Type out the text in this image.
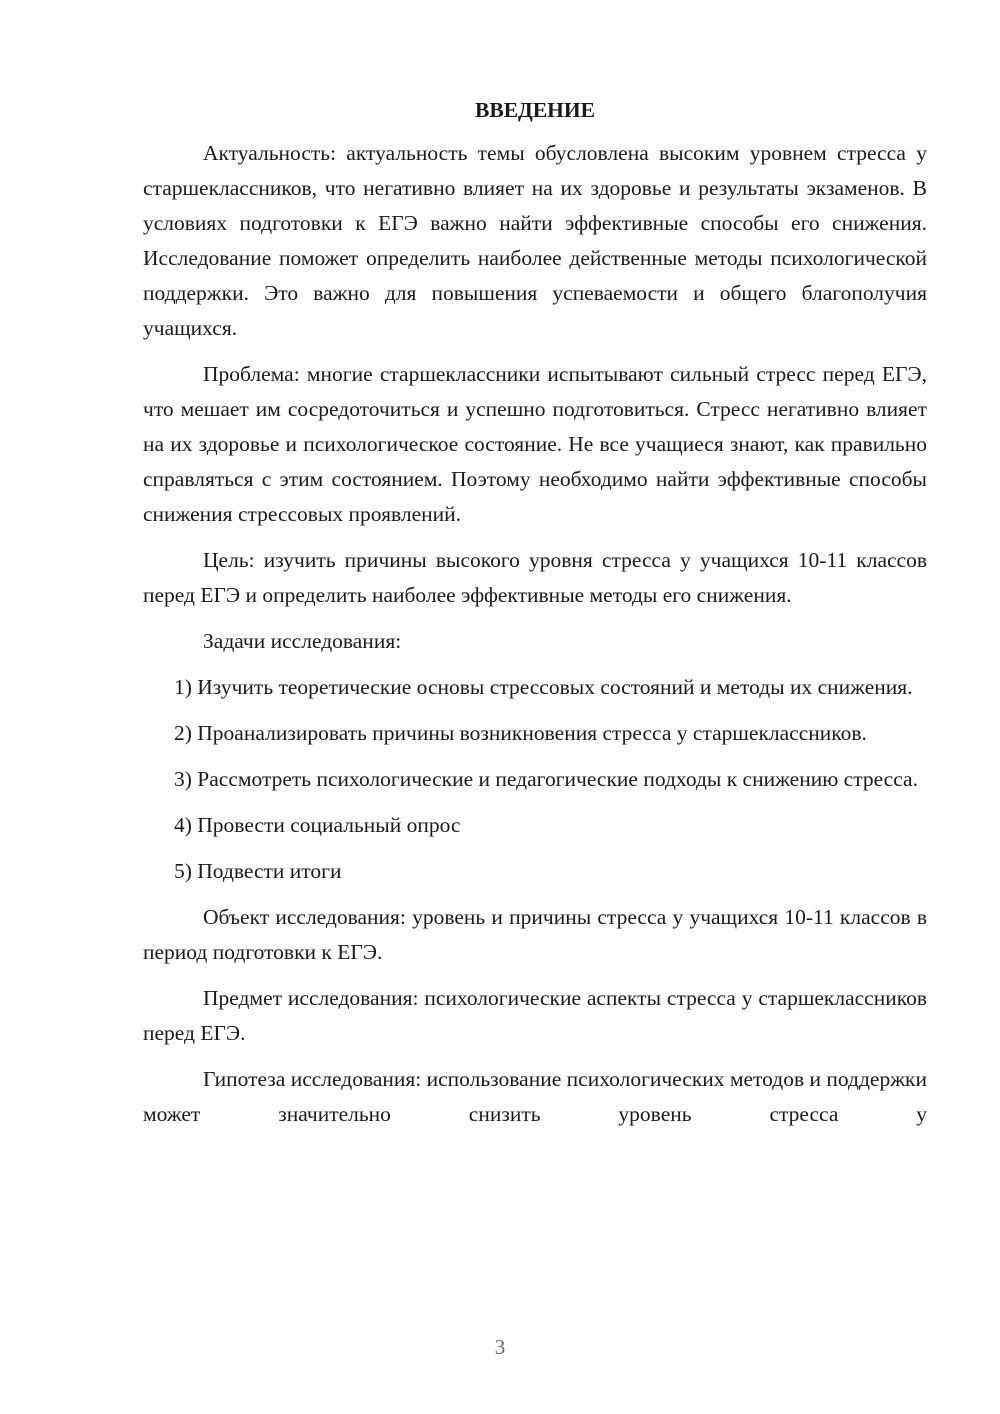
ВВЕДЕНИЕ

Актуальность: актуальность темы обусловлена высоким уровнем стресса у старшеклассников, что негативно влияет на их здоровье и результаты экзаменов. В условиях подготовки к ЕГЭ важно найти эффективные способы его снижения. Исследование поможет определить наиболее действенные методы психологической поддержки. Это важно для повышения успеваемости и общего благополучия учащихся.

Проблема: многие старшеклассники испытывают сильный стресс перед ЕГЭ, что мешает им сосредоточиться и успешно подготовиться. Стресс негативно влияет на их здоровье и психологическое состояние. Не все учащиеся знают, как правильно справляться с этим состоянием. Поэтому необходимо найти эффективные способы снижения стрессовых проявлений.

Цель: изучить причины высокого уровня стресса у учащихся 10-11 классов перед ЕГЭ и определить наиболее эффективные методы его снижения.

Задачи исследования:

1) Изучить теоретические основы стрессовых состояний и методы их снижения.

2) Проанализировать причины возникновения стресса у старшеклассников.

3) Рассмотреть психологические и педагогические подходы к снижению стресса.

4) Провести социальный опрос

5) Подвести итоги

Объект исследования: уровень и причины стресса у учащихся 10-11 классов в период подготовки к ЕГЭ.

Предмет исследования: психологические аспекты стресса у старшеклассников перед ЕГЭ.

Гипотеза исследования: использование психологических методов и поддержки может значительно снизить уровень стресса у

3
